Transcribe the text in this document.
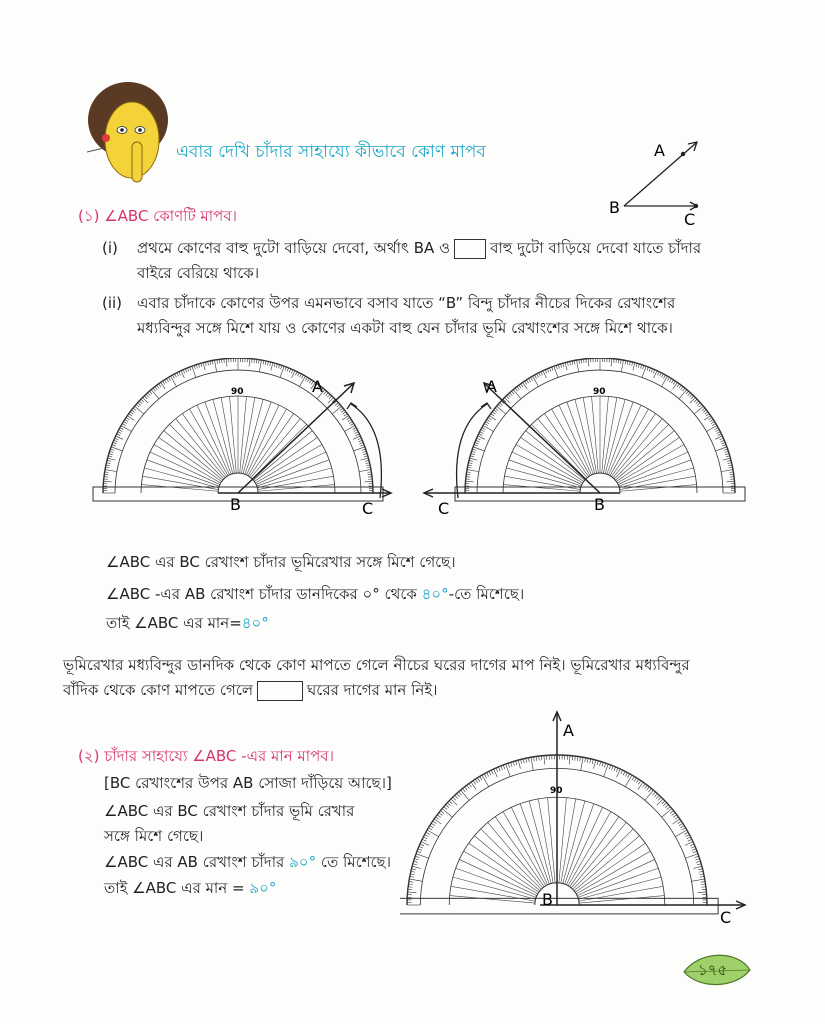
এবার দেখি চাঁদার সাহায্যে কীভাবে কোণ মাপব	A
B
C
(১) ∠ABC কোণটি মাপব।
(i) প্রথমে কোণের বাহু দুটো বাড়িয়ে দেবো, অর্থাৎ BA ও	বাহু দুটো বাড়িয়ে দেবো যাতে চাঁদার
বাইরে বেরিয়ে থাকে।
(ii) এবার চাঁদাকে কোণের উপর এমনভাবে বসাব যাতে “B” বিন্দু চাঁদার নীচের দিকের রেখাংশের
মধ্যবিন্দুর সঙ্গে মিশে যায় ও কোণের একটা বাহু যেন চাঁদার ভূমি রেখাংশের সঙ্গে মিশে থাকে।
A
B	C
90	A
B
C
90
∠ABC এর BC রেখাংশ চাঁদার ভূমিরেখার সঙ্গে মিশে গেছে।
∠ABC -এর AB রেখাংশ চাঁদার ডানদিকের ০° থেকে ৪০°-তে মিশেছে।
তাই ∠ABC এর মান=৪০°
ভূমিরেখার মধ্যবিন্দুর ডানদিক থেকে কোণ মাপতে গেলে নীচের ঘরের দাগের মাপ নিই। ভূমিরেখার মধ্যবিন্দুর
বাঁদিক থেকে কোণ মাপতে গেলে	ঘরের দাগের মান নিই।
(২) চাঁদার সাহায্যে ∠ABC -এর মান মাপব।
[BC রেখাংশের উপর AB সোজা দাঁড়িয়ে আছে।]
∠ABC এর BC রেখাংশ চাঁদার ভূমি রেখার
সঙ্গে মিশে গেছে।
∠ABC এর AB রেখাংশ চাঁদার ৯০° তে মিশেছে।
তাই ∠ABC এর মান = ৯০°
A
B
C
90
১৭৫
